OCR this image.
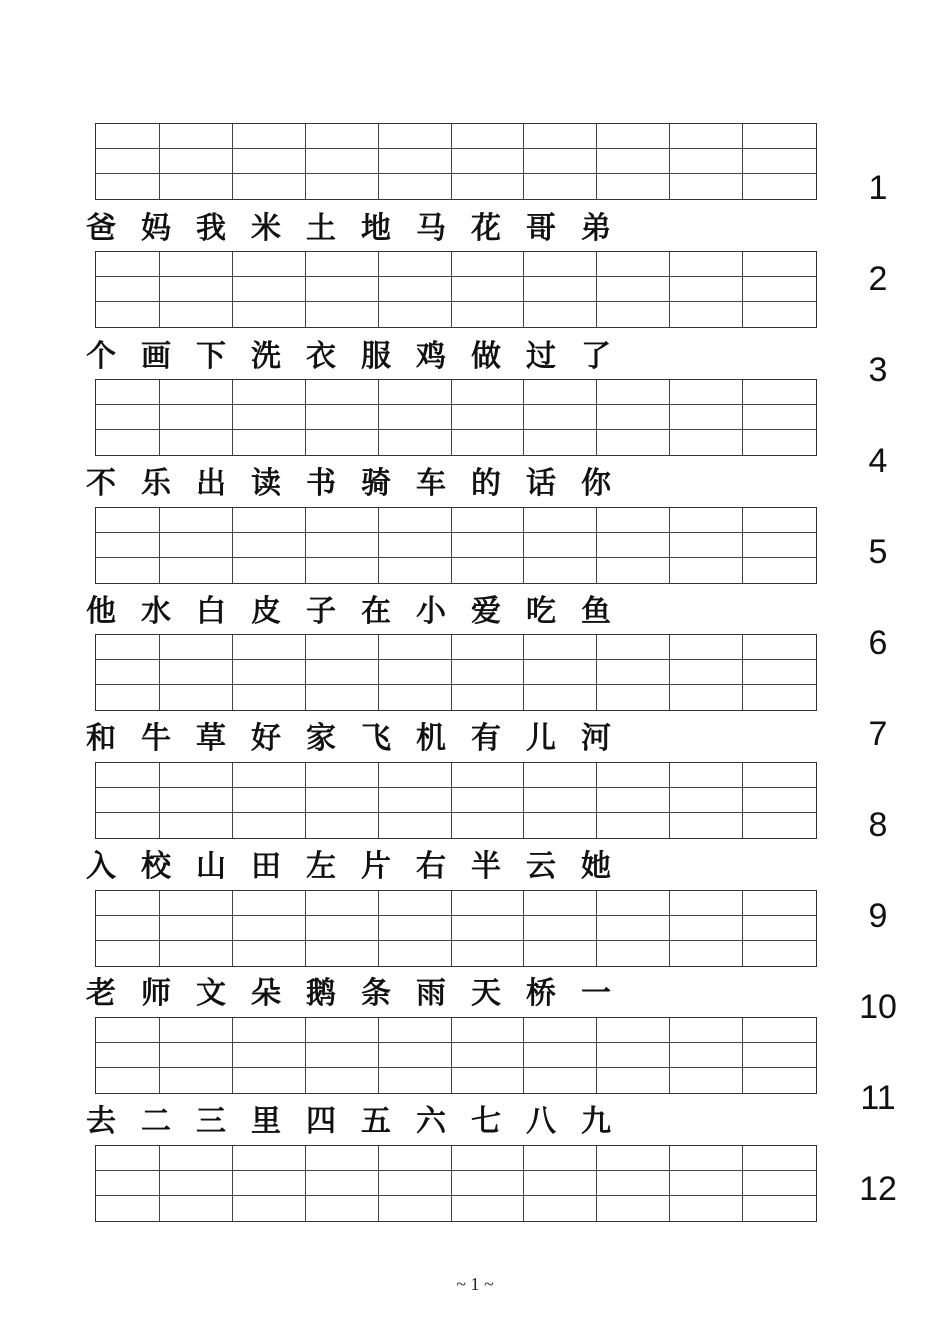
爸 妈 我 米 土 地 马 花 哥 弟
个 画 下 洗 衣 服 鸡 做 过 了
不 乐 出 读 书 骑 车 的 话 你
他 水 白 皮 子 在 小 爱 吃 鱼
和 牛 草 好 家 飞 机 有 儿 河
入 校 山 田 左 片 右 半 云 她
老 师 文 朵 鹅 条 雨 天 桥 一
去 二 三 里 四 五 六 七 八 九
1
2
3
4
5
6
7
8
9
10
11
12
~ 1 ~
